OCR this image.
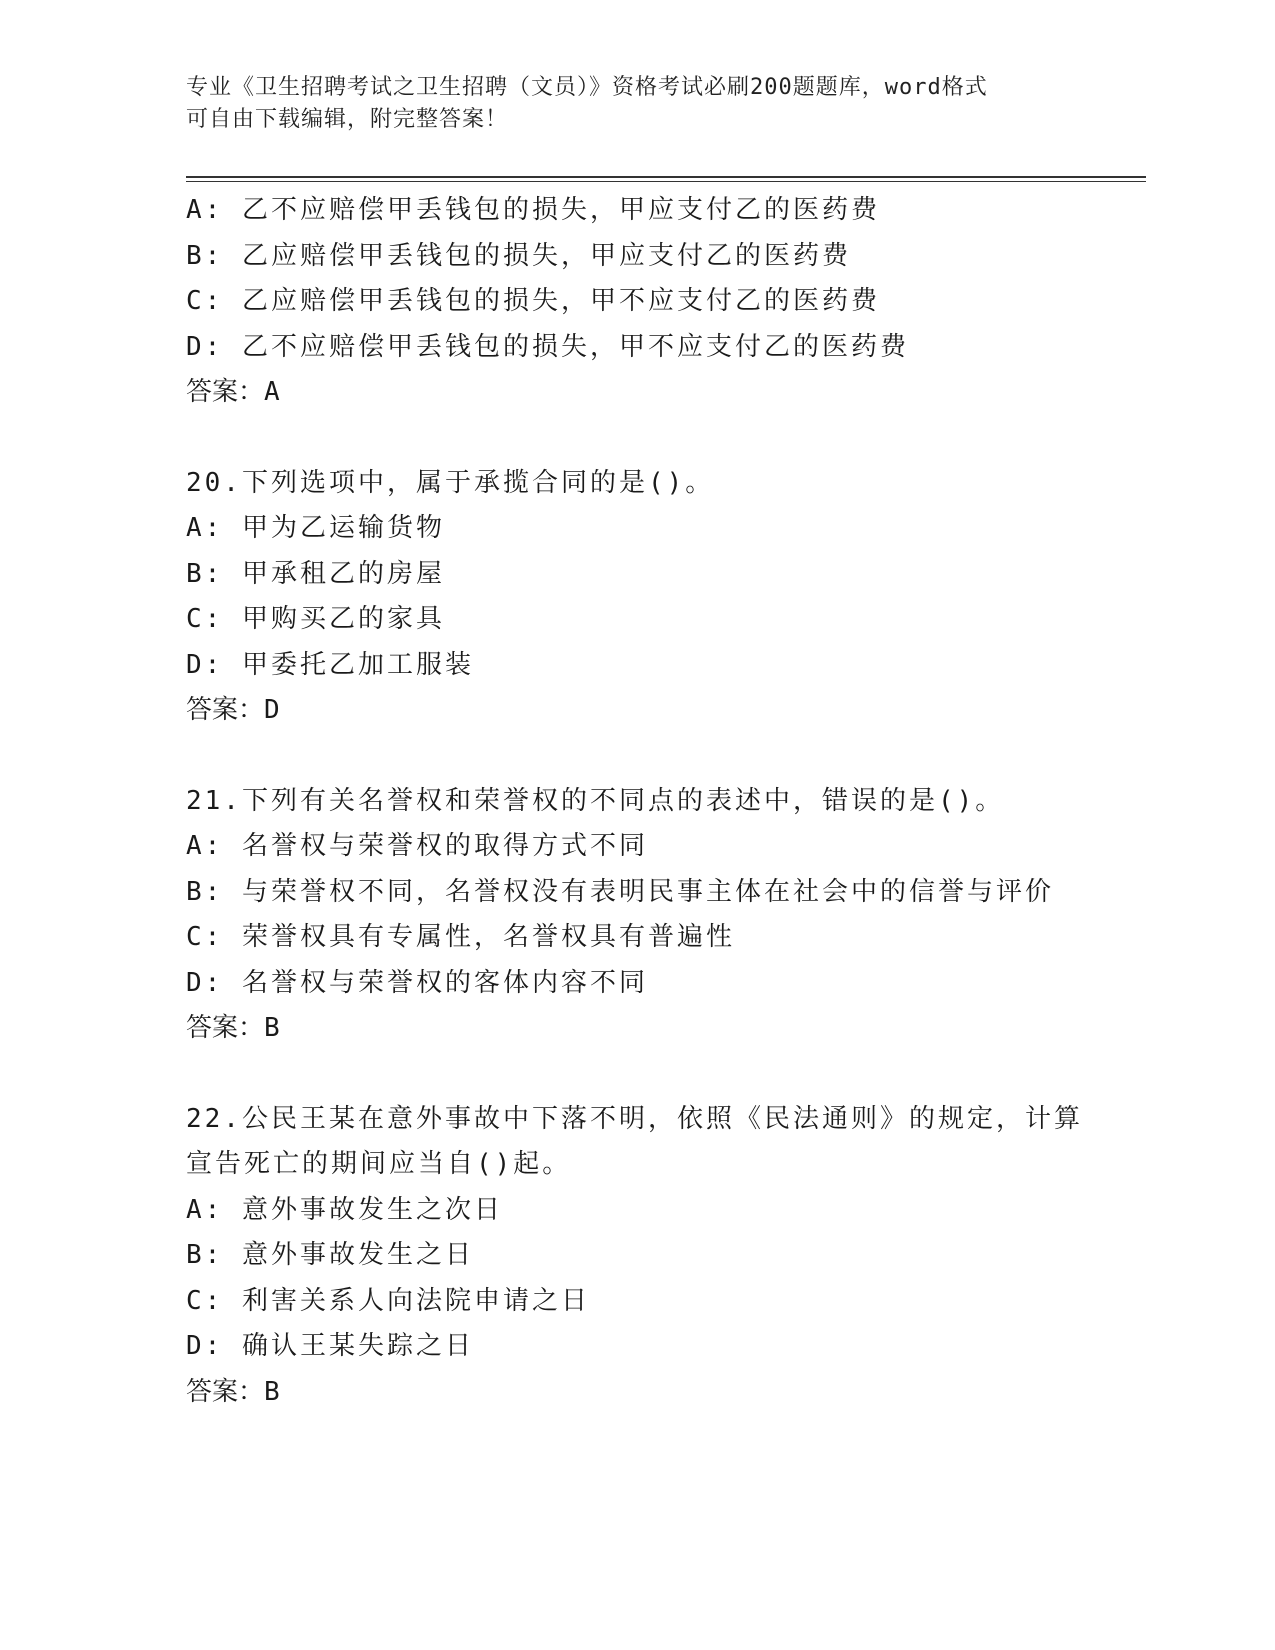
专业《卫生招聘考试之卫生招聘（文员）》资格考试必刷200题题库，word格式
可自由下载编辑，附完整答案！
A: 乙不应赔偿甲丢钱包的损失，甲应支付乙的医药费
B: 乙应赔偿甲丢钱包的损失，甲应支付乙的医药费
C: 乙应赔偿甲丢钱包的损失，甲不应支付乙的医药费
D: 乙不应赔偿甲丢钱包的损失，甲不应支付乙的医药费
答案：A
20.下列选项中，属于承揽合同的是()。
A: 甲为乙运输货物
B: 甲承租乙的房屋
C: 甲购买乙的家具
D: 甲委托乙加工服装
答案：D
21.下列有关名誉权和荣誉权的不同点的表述中，错误的是()。
A: 名誉权与荣誉权的取得方式不同
B: 与荣誉权不同，名誉权没有表明民事主体在社会中的信誉与评价
C: 荣誉权具有专属性，名誉权具有普遍性
D: 名誉权与荣誉权的客体内容不同
答案：B
22.公民王某在意外事故中下落不明，依照《民法通则》的规定，计算
宣告死亡的期间应当自()起。
A: 意外事故发生之次日
B: 意外事故发生之日
C: 利害关系人向法院申请之日
D: 确认王某失踪之日
答案：B
